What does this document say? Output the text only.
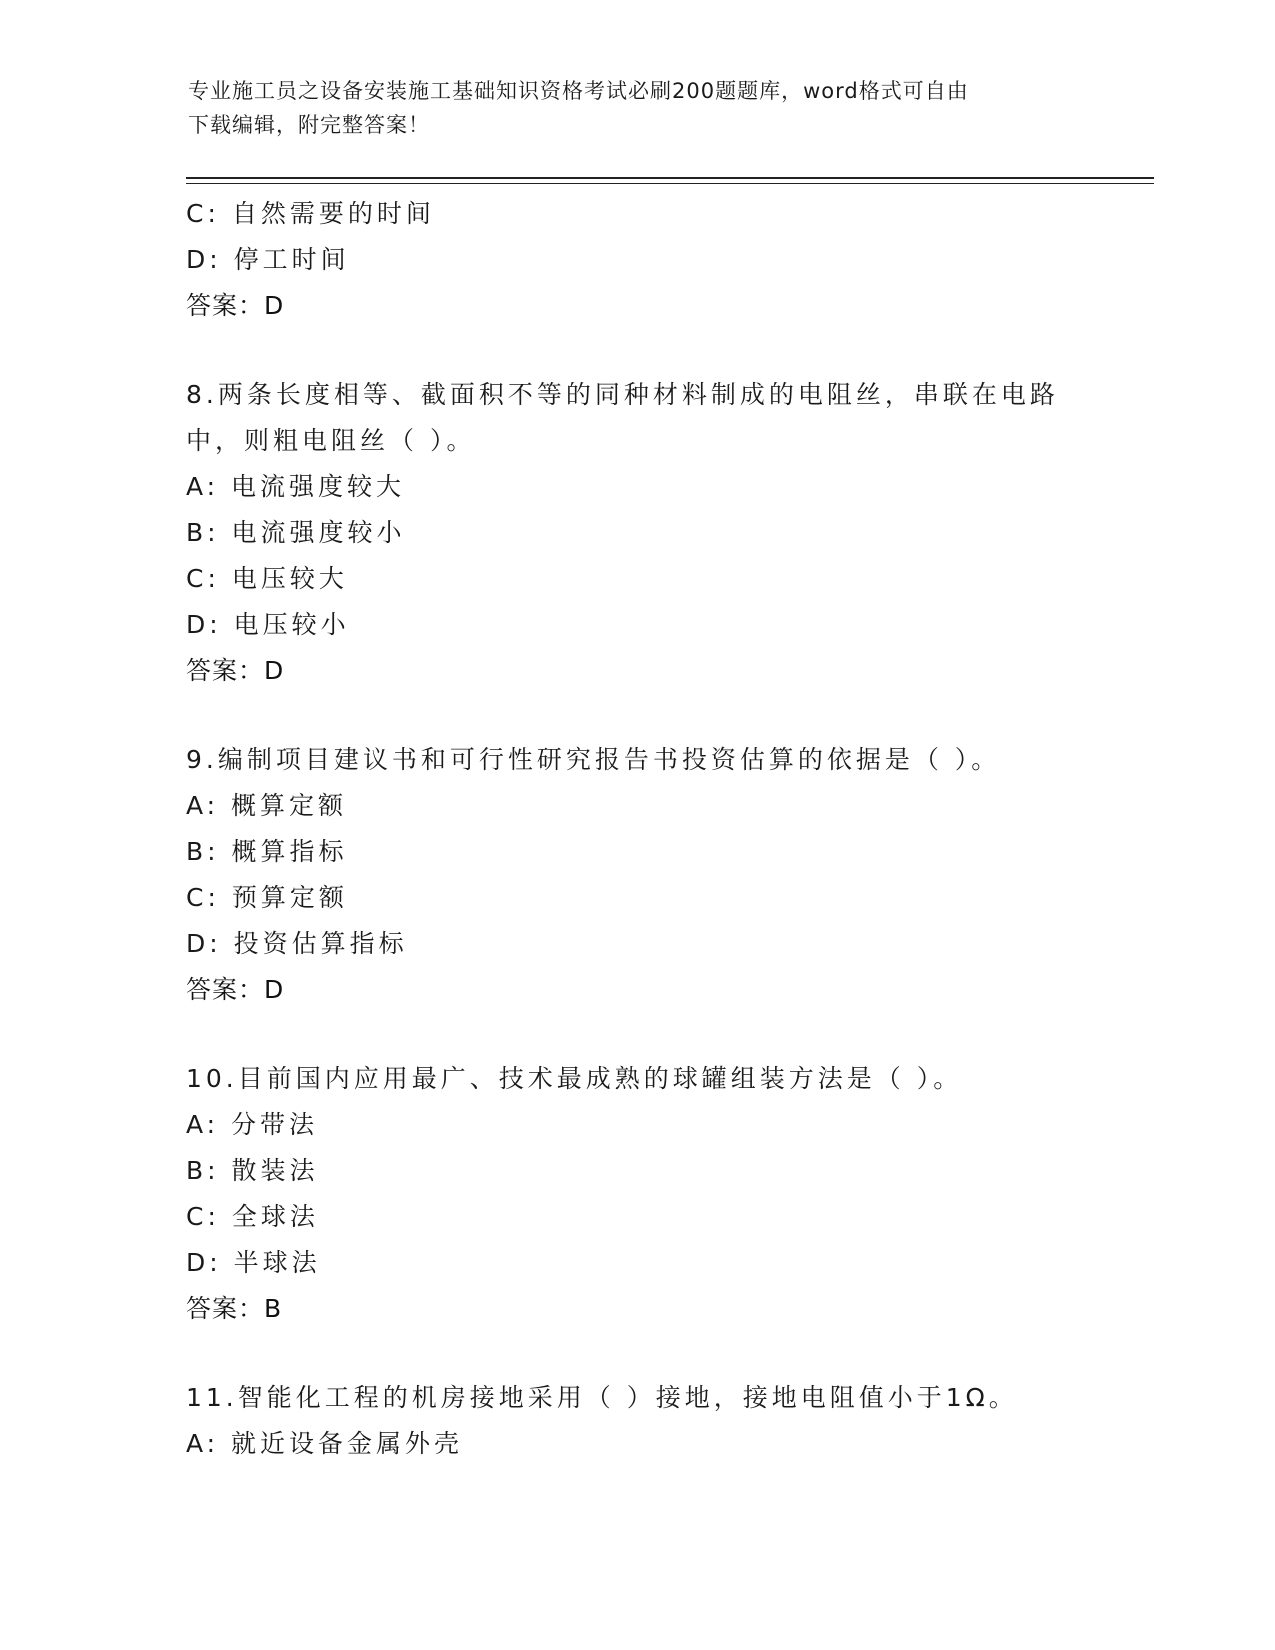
专业施工员之设备安装施工基础知识资格考试必刷200题题库，word格式可自由
下载编辑，附完整答案！
C: 自然需要的时间
D: 停工时间
答案：D
8.两条长度相等、截面积不等的同种材料制成的电阻丝，串联在电路
中，则粗电阻丝（ ）。
A: 电流强度较大
B: 电流强度较小
C: 电压较大
D: 电压较小
答案：D
9.编制项目建议书和可行性研究报告书投资估算的依据是（ ）。
A: 概算定额
B: 概算指标
C: 预算定额
D: 投资估算指标
答案：D
10.目前国内应用最广、技术最成熟的球罐组装方法是（ ）。
A: 分带法
B: 散装法
C: 全球法
D: 半球法
答案：B
11.智能化工程的机房接地采用（ ）接地，接地电阻值小于1Ω。
A: 就近设备金属外壳
